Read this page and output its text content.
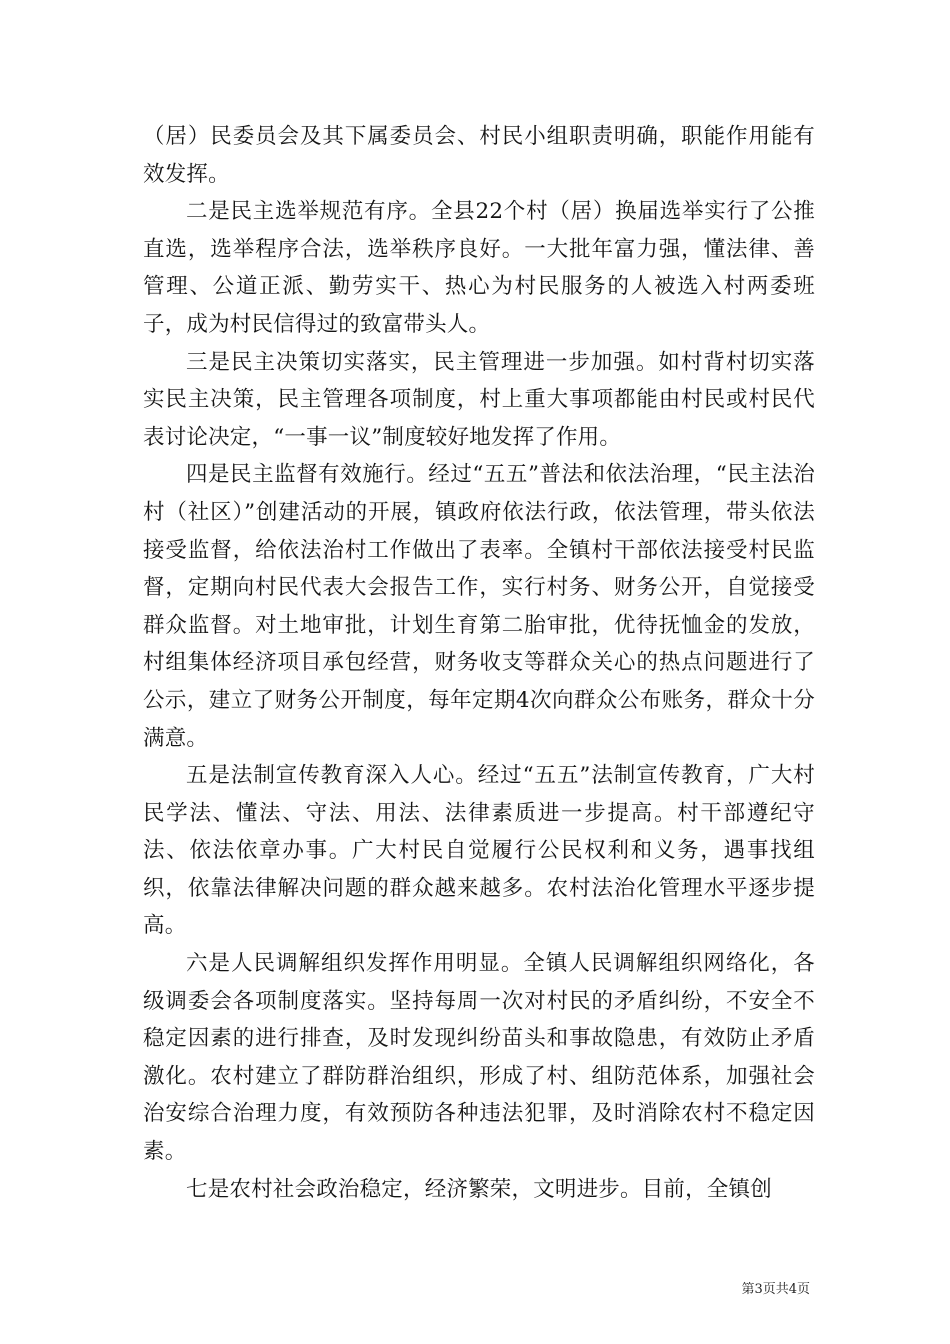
（居）民委员会及其下属委员会、村民小组职责明确，职能作用能有效发挥。

二是民主选举规范有序。全县22个村（居）换届选举实行了公推直选，选举程序合法，选举秩序良好。一大批年富力强，懂法律、善管理、公道正派、勤劳实干、热心为村民服务的人被选入村两委班子，成为村民信得过的致富带头人。

三是民主决策切实落实，民主管理进一步加强。如村背村切实落实民主决策，民主管理各项制度，村上重大事项都能由村民或村民代表讨论决定，“一事一议”制度较好地发挥了作用。

四是民主监督有效施行。经过“五五”普法和依法治理，“民主法治村（社区）”创建活动的开展，镇政府依法行政，依法管理，带头依法接受监督，给依法治村工作做出了表率。全镇村干部依法接受村民监督，定期向村民代表大会报告工作，实行村务、财务公开，自觉接受群众监督。对土地审批，计划生育第二胎审批，优待抚恤金的发放，村组集体经济项目承包经营，财务收支等群众关心的热点问题进行了公示，建立了财务公开制度，每年定期4次向群众公布账务，群众十分满意。

五是法制宣传教育深入人心。经过“五五”法制宣传教育，广大村民学法、懂法、守法、用法、法律素质进一步提高。村干部遵纪守法、依法依章办事。广大村民自觉履行公民权利和义务，遇事找组织，依靠法律解决问题的群众越来越多。农村法治化管理水平逐步提高。

六是人民调解组织发挥作用明显。全镇人民调解组织网络化，各级调委会各项制度落实。坚持每周一次对村民的矛盾纠纷，不安全不稳定因素的进行排查，及时发现纠纷苗头和事故隐患，有效防止矛盾激化。农村建立了群防群治组织，形成了村、组防范体系，加强社会治安综合治理力度，有效预防各种违法犯罪，及时消除农村不稳定因素。

七是农村社会政治稳定，经济繁荣，文明进步。目前，全镇创

第3页共4页
